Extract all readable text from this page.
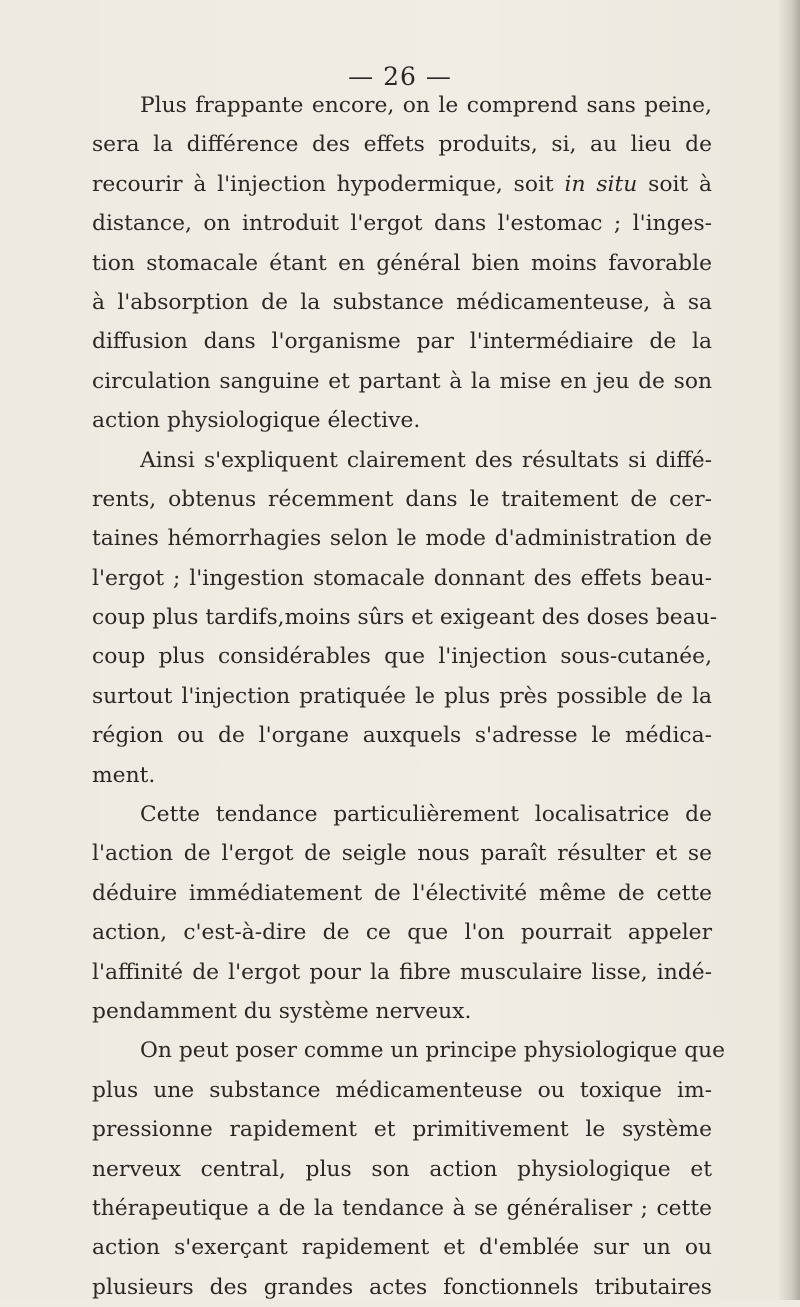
— 26 —
Plus frappante encore, on le comprend sans peine,
sera la différence des effets produits, si, au lieu de
recourir à l'injection hypodermique, soit in situ soit à
distance, on introduit l'ergot dans l'estomac ; l'inges-
tion stomacale étant en général bien moins favorable
à l'absorption de la substance médicamenteuse, à sa
diffusion dans l'organisme par l'intermédiaire de la
circulation sanguine et partant à la mise en jeu de son
action physiologique élective.
Ainsi s'expliquent clairement des résultats si diffé-
rents, obtenus récemment dans le traitement de cer-
taines hémorrhagies selon le mode d'administration de
l'ergot ; l'ingestion stomacale donnant des effets beau-
coup plus tardifs,moins sûrs et exigeant des doses beau-
coup plus considérables que l'injection sous-cutanée,
surtout l'injection pratiquée le plus près possible de la
région ou de l'organe auxquels s'adresse le médica-
ment.
Cette tendance particulièrement localisatrice de
l'action de l'ergot de seigle nous paraît résulter et se
déduire immédiatement de l'électivité même de cette
action, c'est-à-dire de ce que l'on pourrait appeler
l'affinité de l'ergot pour la fibre musculaire lisse, indé-
pendamment du système nerveux.
On peut poser comme un principe physiologique que
plus une substance médicamenteuse ou toxique im-
pressionne rapidement et primitivement le système
nerveux central, plus son action physiologique et
thérapeutique a de la tendance à se généraliser ; cette
action s'exerçant rapidement et d'emblée sur un ou
plusieurs des grandes actes fonctionnels tributaires
